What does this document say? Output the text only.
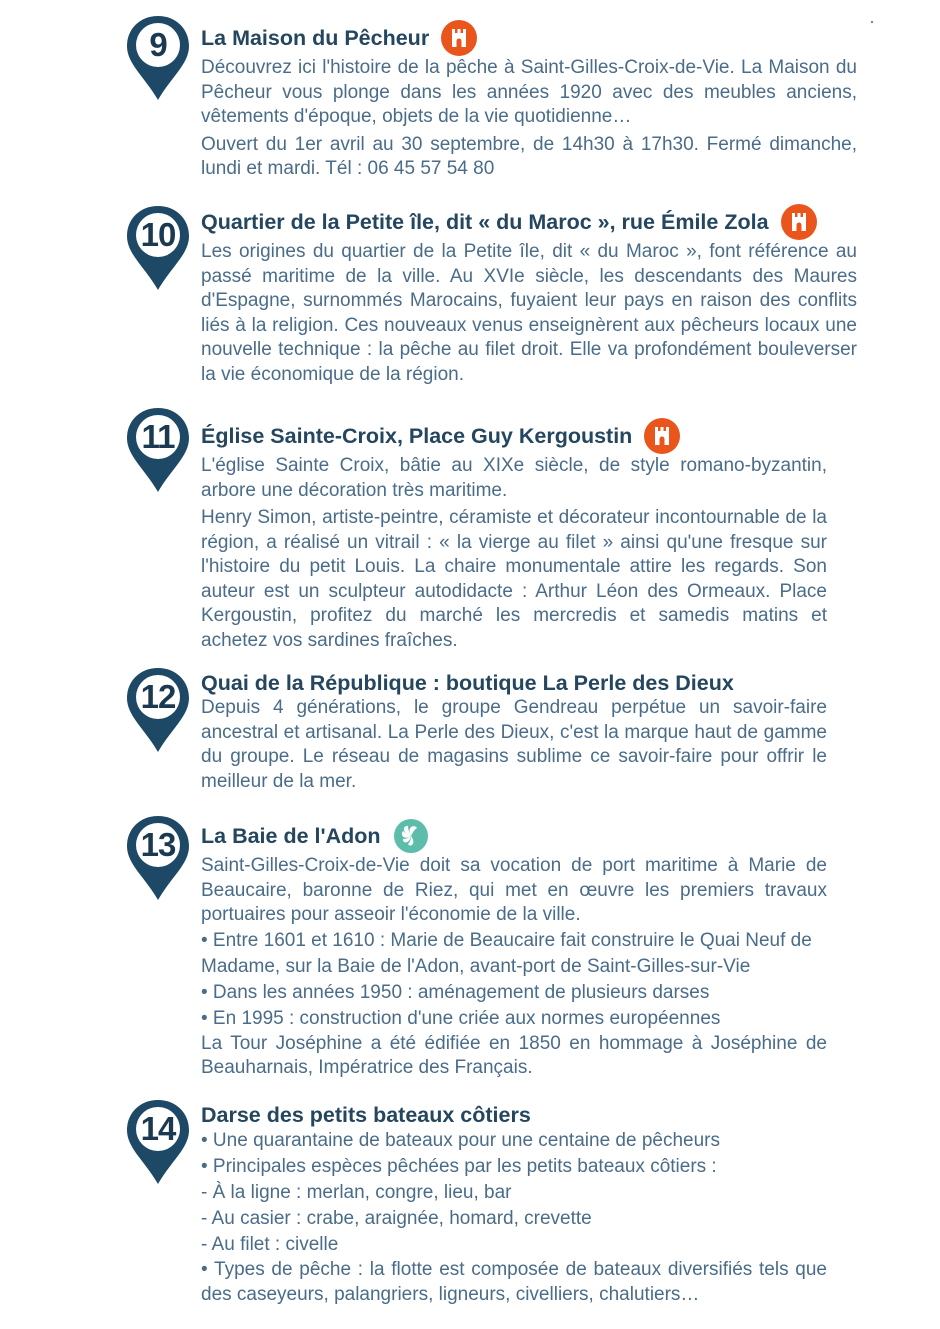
9	La Maison du Pêcheur

Découvrez ici l'histoire de la pêche à Saint-Gilles-Croix-de-Vie. La Maison du Pêcheur vous plonge dans les années 1920 avec des meubles anciens, vêtements d'époque, objets de la vie quotidienne…

Ouvert du 1er avril au 30 septembre, de 14h30 à 17h30. Fermé dimanche, lundi et mardi. Tél : 06 45 57 54 80

10	Quartier de la Petite île, dit « du Maroc », rue Émile Zola

Les origines du quartier de la Petite île, dit « du Maroc », font référence au passé maritime de la ville. Au XVIe siècle, les descendants des Maures d'Espagne, surnommés Marocains, fuyaient leur pays en raison des conflits liés à la religion. Ces nouveaux venus enseignèrent aux pêcheurs locaux une nouvelle technique : la pêche au filet droit. Elle va profondément bouleverser la vie économique de la région.

11	Église Sainte-Croix, Place Guy Kergoustin

L'église Sainte Croix, bâtie au XIXe siècle, de style romano-byzantin, arbore une décoration très maritime.

Henry Simon, artiste-peintre, céramiste et décorateur incontournable de la région, a réalisé un vitrail : « la vierge au filet » ainsi qu'une fresque sur l'histoire du petit Louis. La chaire monumentale attire les regards. Son auteur est un sculpteur autodidacte : Arthur Léon des Ormeaux. Place Kergoustin, profitez du marché les mercredis et samedis matins et achetez vos sardines fraîches.

12	Quai de la République : boutique La Perle des Dieux

Depuis 4 générations, le groupe Gendreau perpétue un savoir-faire ancestral et artisanal. La Perle des Dieux, c'est la marque haut de gamme du groupe. Le réseau de magasins sublime ce savoir-faire pour offrir le meilleur de la mer.

13	La Baie de l'Adon

Saint-Gilles-Croix-de-Vie doit sa vocation de port maritime à Marie de Beaucaire, baronne de Riez, qui met en œuvre les premiers travaux portuaires pour asseoir l'économie de la ville.

• Entre 1601 et 1610 : Marie de Beaucaire fait construire le Quai Neuf de

Madame, sur la Baie de l'Adon, avant-port de Saint-Gilles-sur-Vie

• Dans les années 1950 : aménagement de plusieurs darses

• En 1995 : construction d'une criée aux normes européennes

La Tour Joséphine a été édifiée en 1850 en hommage à Joséphine de Beauharnais, Impératrice des Français.

14	Darse des petits bateaux côtiers

• Une quarantaine de bateaux pour une centaine de pêcheurs

• Principales espèces pêchées par les petits bateaux côtiers :

- À la ligne : merlan, congre, lieu, bar

- Au casier : crabe, araignée, homard, crevette

- Au filet : civelle

• Types de pêche : la flotte est composée de bateaux diversifiés tels que des caseyeurs, palangriers, ligneurs, civelliers, chalutiers…
